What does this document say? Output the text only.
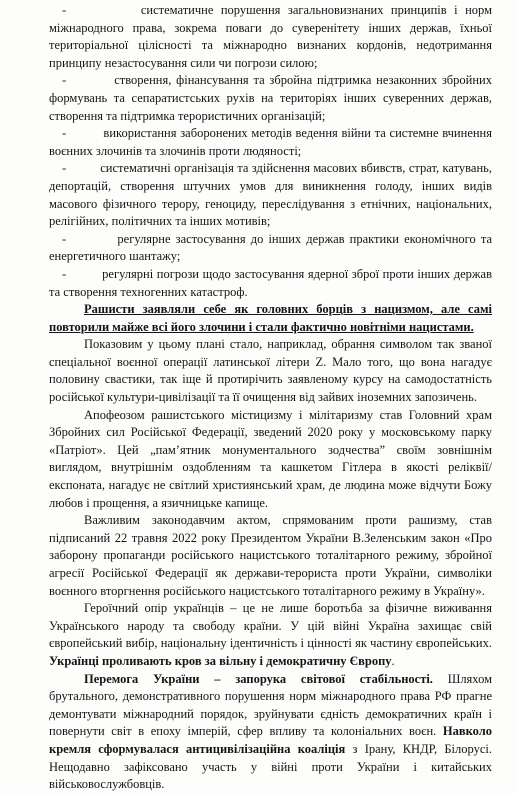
-          систематичне порушення загальновизнаних принципів і норм міжнародного права, зокрема поваги до суверенітету інших держав, їхньої територіальної цілісності та міжнародно визнаних кордонів, недотримання принципу незастосування сили чи погрози силою;

-          створення, фінансування та збройна підтримка незаконних збройних формувань та сепаратистських рухів на територіях інших суверенних держав, створення та підтримка терористичних організацій;

-          використання заборонених методів ведення війни та системне вчинення воєнних злочинів та злочинів проти людяності;

-          систематичні організація та здійснення масових вбивств, страт, катувань, депортацій, створення штучних умов для виникнення голоду, інших видів масового фізичного терору, геноциду, переслідування з етнічних, національних, релігійних, політичних та інших мотивів;

-          регулярне застосування до інших держав практики економічного та енергетичного шантажу;

-          регулярні погрози щодо застосування ядерної зброї проти інших держав та створення техногенних катастроф.

Рашисти заявляли себе як головних борців з нацизмом, але самі повторили майже всі його злочини і стали фактично новітніми нацистами.

Показовим у цьому плані стало, наприклад, обрання символом так званої спеціальної воєнної операції латинської літери Z. Мало того, що вона нагадує половину свастики, так іще й протирічить заявленому курсу на самодостатність російської культури-цивілізації та її очищення від зайвих іноземних запозичень.

Апофеозом рашистського містицизму і мілітаризму став Головний храм Збройних сил Російської Федерації, зведений 2020 року у московському парку «Патріот». Цей „пам’ятник монументального зодчества” своїм зовнішнім виглядом, внутрішнім оздобленням та кашкетом Гітлера в якості реліквії/експоната, нагадує не світлий християнський храм, де людина може відчути Божу любов і прощення, а язичницьке капище.

Важливим законодавчим актом, спрямованим проти рашизму, став підписаний 22 травня 2022 року Президентом України В.Зеленським закон «Про заборону пропаганди російського нацистського тоталітарного режиму, збройної агресії Російської Федерації як держави-терориста проти України, символіки воєнного вторгнення російського нацистського тоталітарного режиму в Україну».

Героїчний опір українців – це не лише боротьба за фізичне виживання Українського народу та свободу країни. У цій війні Україна захищає свій європейський вибір, національну ідентичність і цінності як частину європейських. Українці проливають кров за вільну і демократичну Європу.

Перемога України – запорука світової стабільності. Шляхом брутального, демонстративного порушення норм міжнародного права РФ прагне демонтувати міжнародний порядок, зруйнувати єдність демократичних країн і повернути світ в епоху імперій, сфер впливу та колоніальних воєн. Навколо кремля сформувалася антицивілізаційна коаліція з Ірану, КНДР, Білорусі. Нещодавно зафіксовано участь у війні проти України і китайських військовослужбовців.
